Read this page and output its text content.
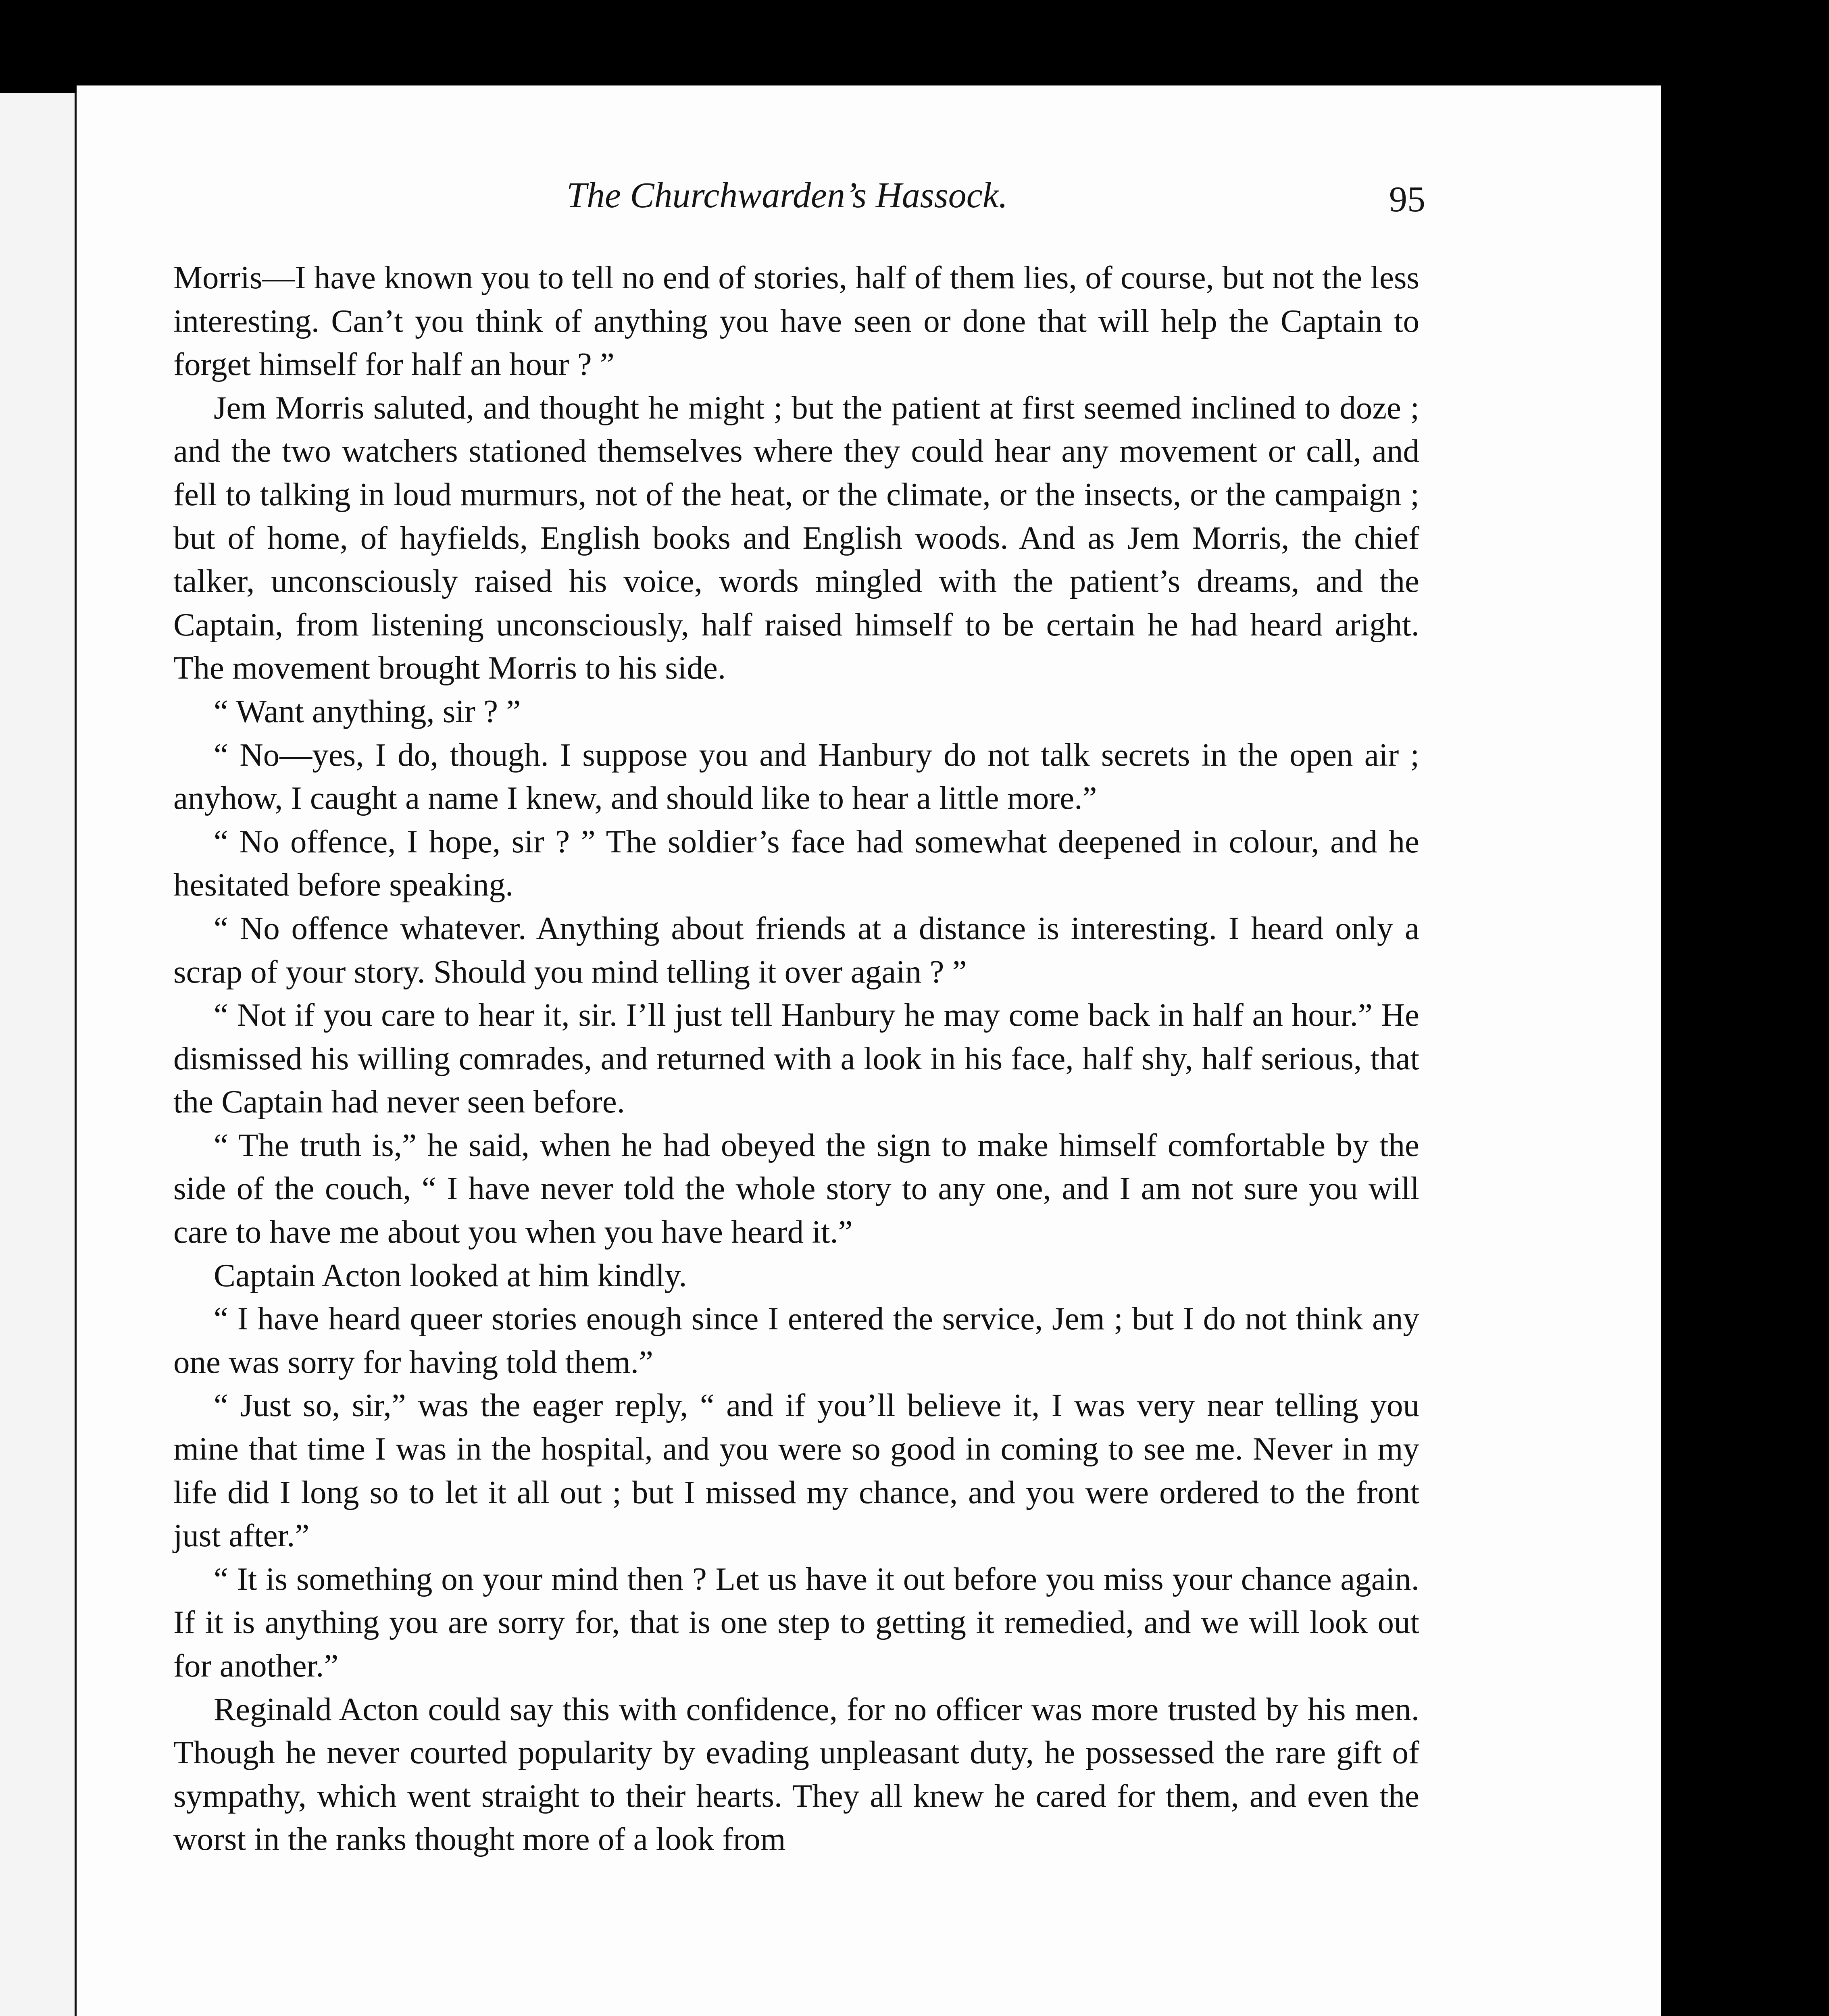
The Churchwarden’s Hassock.	95

Morris—I have known you to tell no end of stories, half of them lies, of course, but not the less interesting. Can’t you think of anything you have seen or done that will help the Captain to forget himself for half an hour ? ”

Jem Morris saluted, and thought he might ; but the patient at first seemed inclined to doze ; and the two watchers stationed themselves where they could hear any movement or call, and fell to talking in loud murmurs, not of the heat, or the climate, or the insects, or the campaign ; but of home, of hayfields, English books and English woods. And as Jem Morris, the chief talker, unconsciously raised his voice, words mingled with the patient’s dreams, and the Captain, from listening unconsciously, half raised himself to be certain he had heard aright. The movement brought Morris to his side.

“ Want anything, sir ? ”

“ No—yes, I do, though. I suppose you and Hanbury do not talk secrets in the open air ; anyhow, I caught a name I knew, and should like to hear a little more.”

“ No offence, I hope, sir ? ” The soldier’s face had somewhat deepened in colour, and he hesitated before speaking.

“ No offence whatever. Anything about friends at a distance is interesting. I heard only a scrap of your story. Should you mind telling it over again ? ”

“ Not if you care to hear it, sir. I’ll just tell Hanbury he may come back in half an hour.” He dismissed his willing comrades, and returned with a look in his face, half shy, half serious, that the Captain had never seen before.

“ The truth is,” he said, when he had obeyed the sign to make himself comfortable by the side of the couch, “ I have never told the whole story to any one, and I am not sure you will care to have me about you when you have heard it.”

Captain Acton looked at him kindly.

“ I have heard queer stories enough since I entered the service, Jem ; but I do not think any one was sorry for having told them.”

“ Just so, sir,” was the eager reply, “ and if you’ll believe it, I was very near telling you mine that time I was in the hospital, and you were so good in coming to see me. Never in my life did I long so to let it all out ; but I missed my chance, and you were ordered to the front just after.”

“ It is something on your mind then ? Let us have it out before you miss your chance again. If it is anything you are sorry for, that is one step to getting it remedied, and we will look out for another.”

Reginald Acton could say this with confidence, for no officer was more trusted by his men. Though he never courted popularity by evading unpleasant duty, he possessed the rare gift of sympathy, which went straight to their hearts. They all knew he cared for them, and even the worst in the ranks thought more of a look from
